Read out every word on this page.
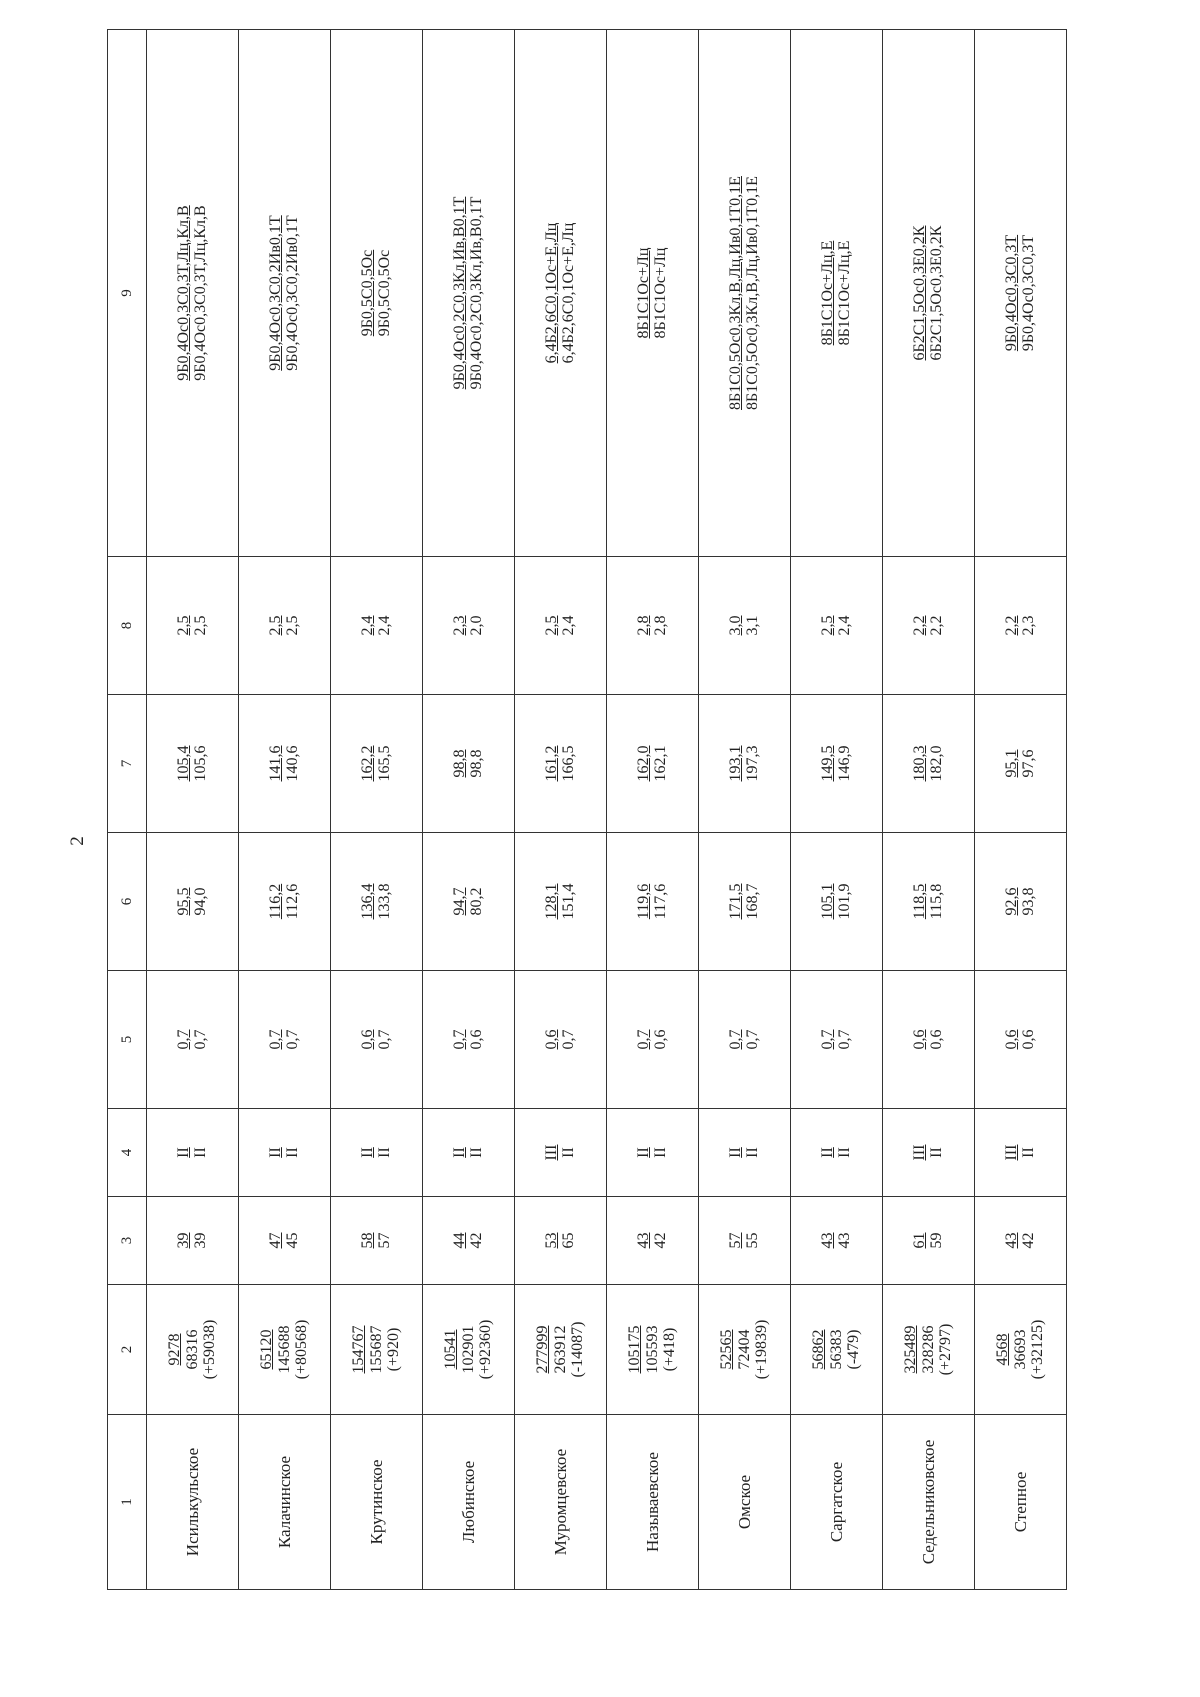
2
1	2	3	4	5	6	7	8	9
Исилькульское	9278 68316 (+59038)	39 39	II II	0,7 0,7	95,5 94,0	105,4 105,6	2,5 2,5	9Б0,4Ос0,3С0,3Т,Лц,Кл,В 9Б0,4Ос0,3С0,3Т,Лц,Кл,В

Калачинское	65120 145688 (+80568)	47 45	II II	0,7 0,7	116,2 112,6	141,6 140,6	2,5 2,5	9Б0,4Ос0,3С0,2Ив0,1Т 9Б0,4Ос0,3С0,2Ив0,1Т

Крутинское	154767 155687 (+920)	58 57	II II	0,6 0,7	136,4 133,8	162,2 165,5	2,4 2,4	9Б0,5С0,5Ос 9Б0,5С0,5Ос

Любинское	10541 102901 (+92360)	44 42	II II	0,7 0,6	94,7 80,2	98,8 98,8	2,3 2,0	9Б0,4Ос0,2С0,3Кл,Ив,В0,1Т 9Б0,4Ос0,2С0,3Кл,Ив,В0,1Т

Муромцевское	277999 263912 (-14087)	53 65	III II	0,6 0,7	128,1 151,4	161,2 166,5	2,5 2,4	6,4Б2,6С0,1Ос+Е,Лц 6,4Б2,6С0,1Ос+Е,Лц

Называевское	105175 105593 (+418)	43 42	II II	0,7 0,6	119,6 117,6	162,0 162,1	2,8 2,8	8Б1С1Ос+Лц 8Б1С1Ос+Лц

Омское	52565 72404 (+19839)	57 55	II II	0,7 0,7	171,5 168,7	193,1 197,3	3,0 3,1	8Б1С0,5Ос0,3Кл,В,Лц,Ив0,1Т0,1Е 8Б1С0,5Ос0,3Кл,В,Лц,Ив0,1Т0,1Е

Саргатское	56862 56383 (-479)	43 43	II II	0,7 0,7	105,1 101,9	149,5 146,9	2,5 2,4	8Б1С1Ос+Лц,Е 8Б1С1Ос+Лц,Е

Седельниковское	325489 328286 (+2797)	61 59	III II	0,6 0,6	118,5 115,8	180,3 182,0	2,2 2,2	6Б2С1,5Ос0,3Е0,2К 6Б2С1,5Ос0,3Е0,2К

Степное	4568 36693 (+32125)	43 42	III II	0,6 0,6	92,6 93,8	95,1 97,6	2,2 2,3	9Б0,4Ос0,3С0,3Т 9Б0,4Ос0,3С0,3Т
